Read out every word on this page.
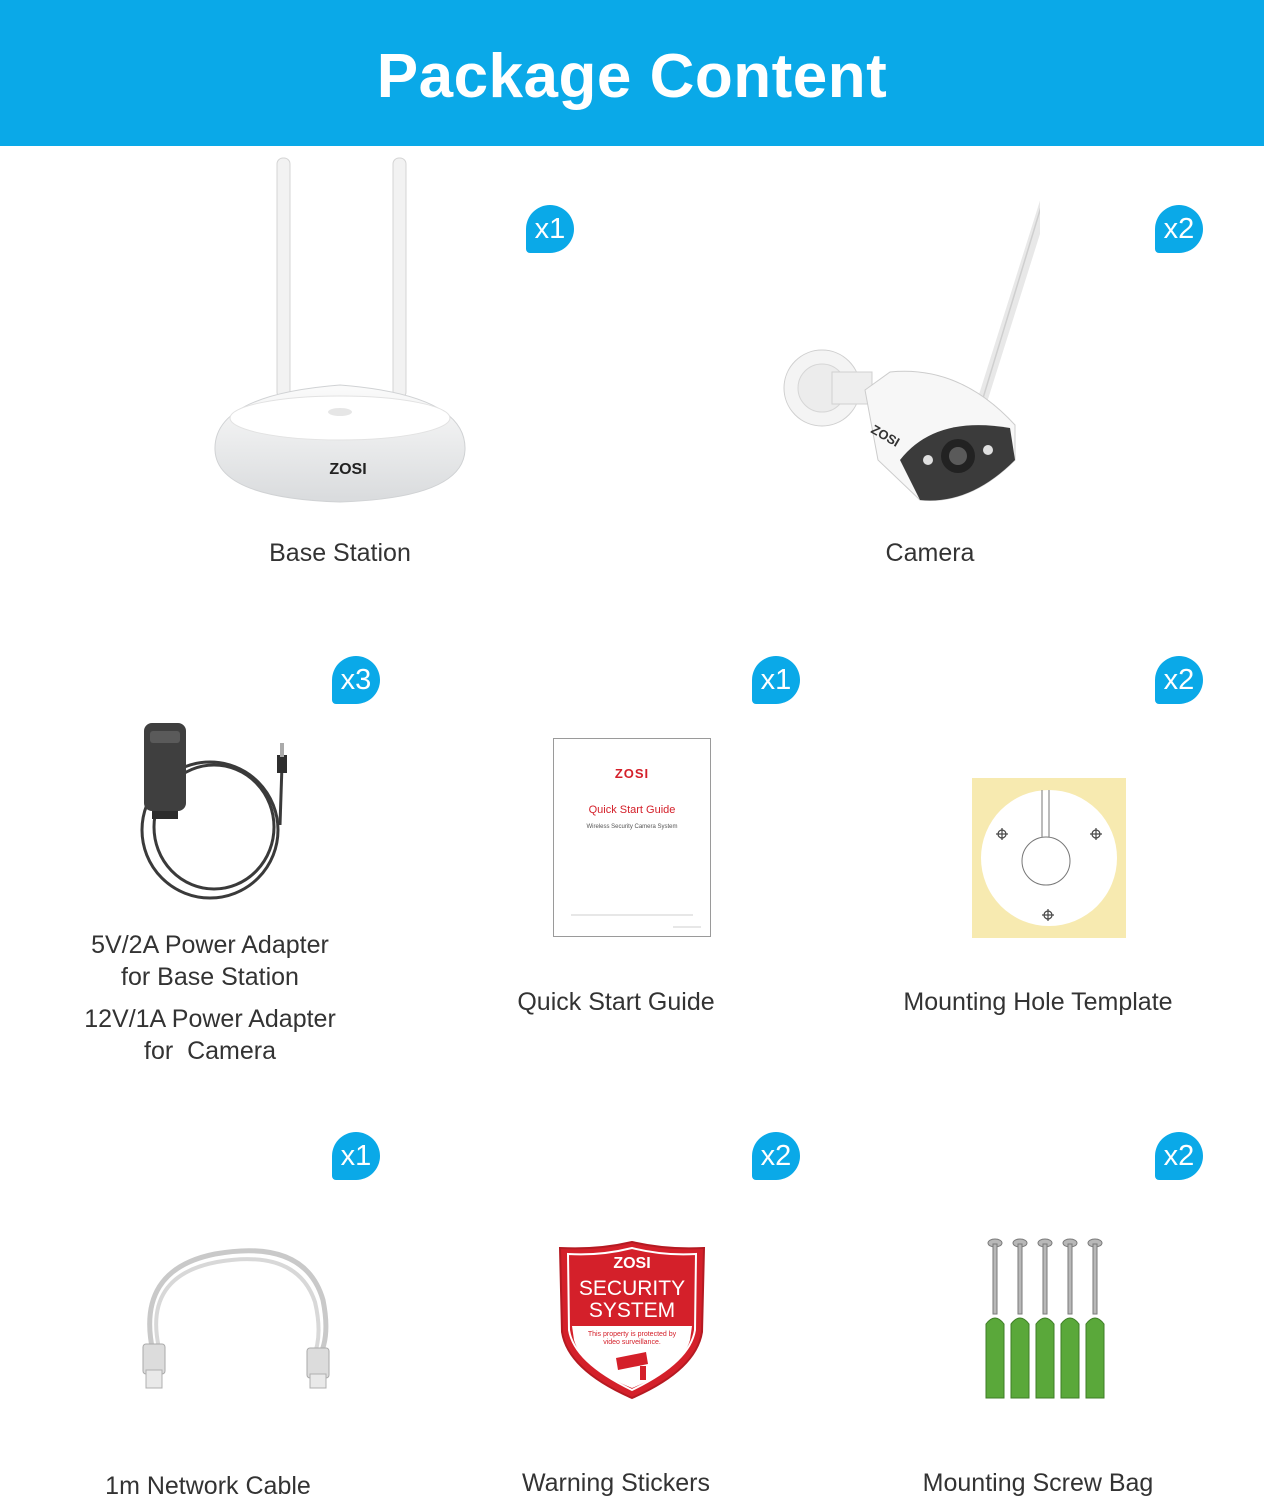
Package Content
ZOSI
x1
Base Station
ZOSI
x2
Camera
x3
5V/2A Power Adapter
for Base Station
12V/1A Power Adapter
for  Camera
ZOSI
Quick Start Guide
Wireless Security Camera System
x1
Quick Start Guide
x2
Mounting Hole Template
x1
1m Network Cable
ZOSI
SECURITY
SYSTEM
This property is protected by
video surveillance.
x2
Warning Stickers
x2
Mounting Screw Bag
